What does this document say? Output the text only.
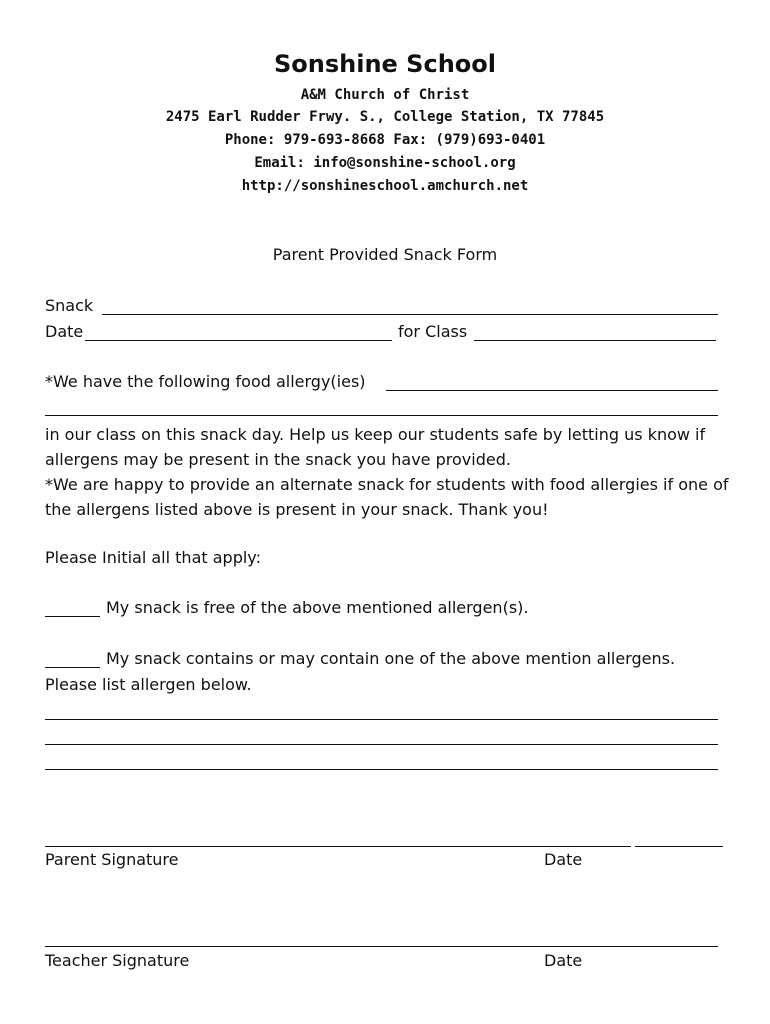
Sonshine School
A&M Church of Christ
2475 Earl Rudder Frwy. S., College Station, TX 77845
Phone: 979-693-8668 Fax: (979)693-0401
Email: info@sonshine-school.org
http://sonshineschool.amchurch.net
Parent Provided Snack Form
Snack
Date	for Class
*We have the following food allergy(ies)
in our class on this snack day. Help us keep our students safe by letting us know if allergens may be present in the snack you have provided.
*We are happy to provide an alternate snack for students with food allergies if one of the allergens listed above is present in your snack. Thank you!
Please Initial all that apply:
My snack is free of the above mentioned allergen(s).
My snack contains or may contain one of the above mention allergens.
Please list allergen below.
Parent Signature	Date
Teacher Signature	Date
